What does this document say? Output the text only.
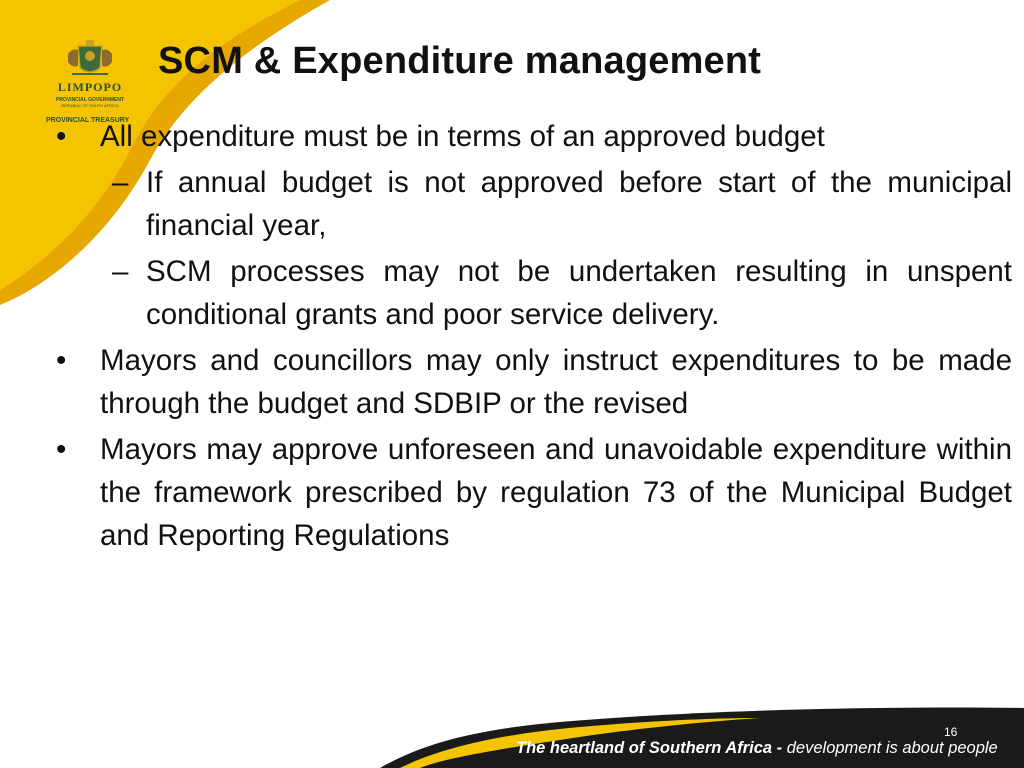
LIMPOPO
PROVINCIAL GOVERNMENT
REPUBLIC OF SOUTH AFRICA
PROVINCIAL TREASURY
SCM & Expenditure management
•	All expenditure must be in terms of an approved budget
– If annual budget is not approved before start of the municipal financial year,
– SCM processes may not be undertaken resulting in unspent conditional grants and poor service delivery.
•	Mayors and councillors may only instruct expenditures to be made through the budget and SDBIP or the revised
•	Mayors may approve unforeseen and unavoidable expenditure within the framework prescribed by regulation 73 of the Municipal Budget and Reporting Regulations
16
The heartland of Southern Africa - development is about people
